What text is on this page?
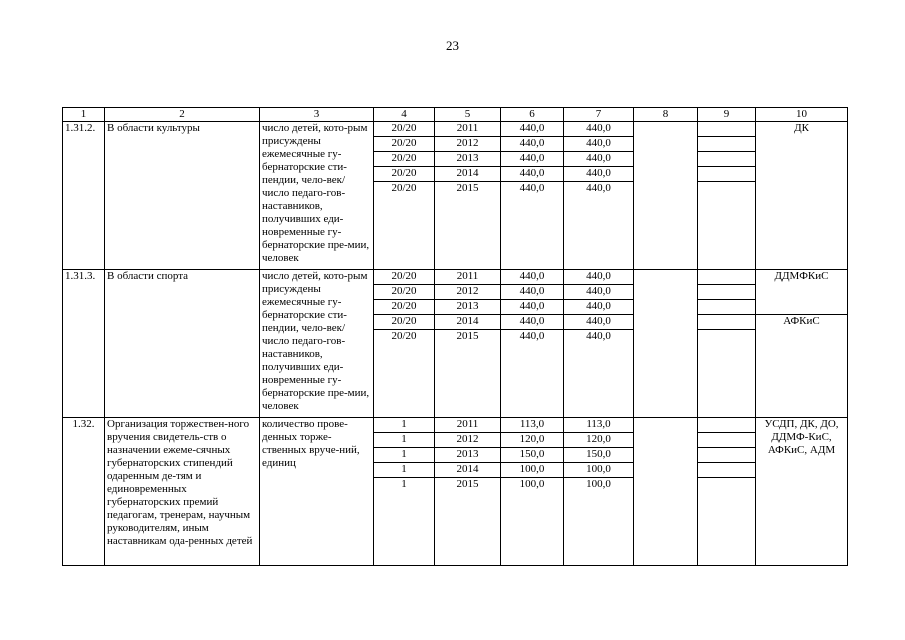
23
1	2	3	4	5	6	7	8	9	10
1.31.2.	В области культуры	число детей, кото-рым присуждены ежемесячные гу-бернаторские сти-пендии, чело-век/число педаго-гов-наставников, получивших еди-новременные гу-бернаторские пре-мии, человек	20/20	2011	440,0	440,0			ДК
			20/20	2012	440,0	440,0			
			20/20	2013	440,0	440,0			
			20/20	2014	440,0	440,0			
			20/20	2015	440,0	440,0			
1.31.3.	В области спорта	число детей, кото-рым присуждены ежемесячные гу-бернаторские сти-пендии, чело-век/число педаго-гов-наставников, получивших еди-новременные гу-бернаторские пре-мии, человек	20/20	2011	440,0	440,0			ДДМФКиС
			20/20	2012	440,0	440,0			
			20/20	2013	440,0	440,0			
			20/20	2014	440,0	440,0			АФКиС
			20/20	2015	440,0	440,0			
1.32.	Организация торжествен-ного вручения свидетель-ств о назначении ежеме-сячных губернаторских стипендий одаренным де-тям и единовременных губернаторских премий педагогам, тренерам, научным руководителям, иным наставникам ода-ренных детей	количество прове-денных торже-ственных вруче-ний, единиц	1	2011	113,0	113,0			УСДП, ДК, ДО, ДДМФ-КиС, АФКиС, АДМ
			1	2012	120,0	120,0			
			1	2013	150,0	150,0			
			1	2014	100,0	100,0			
			1	2015	100,0	100,0			
